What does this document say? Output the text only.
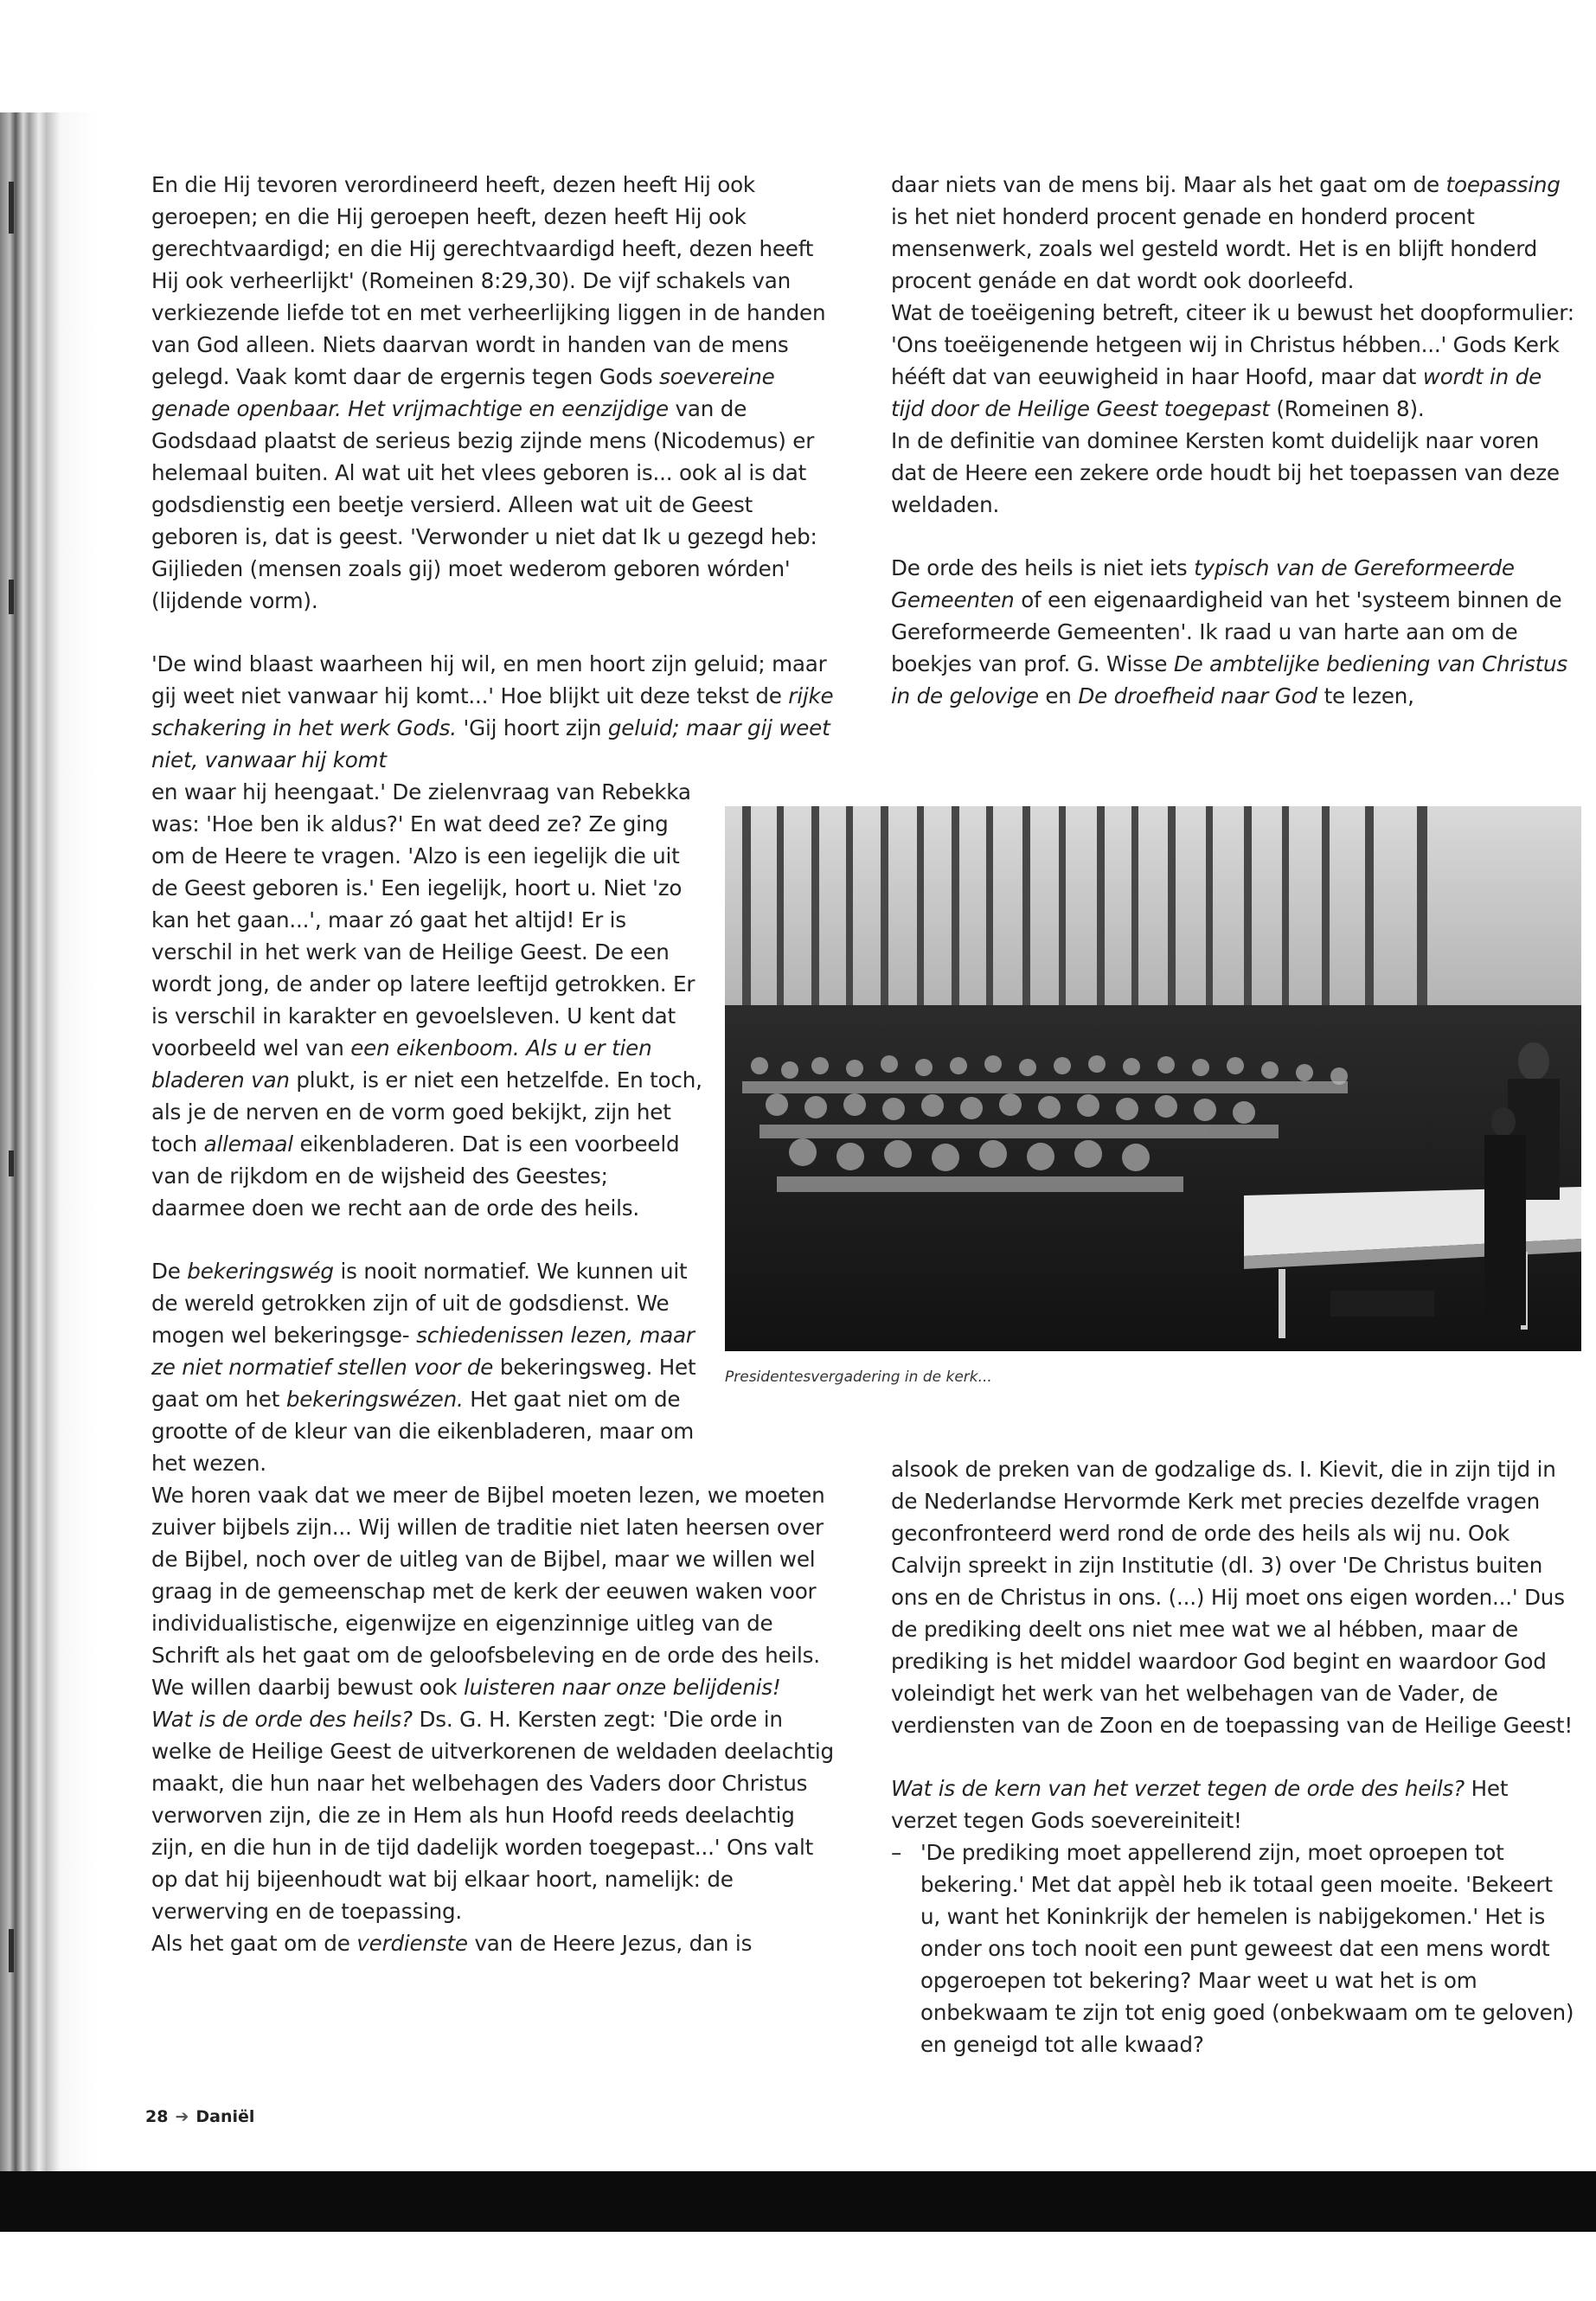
En die Hij tevoren verordineerd heeft, dezen heeft Hij ook geroepen; en die Hij geroepen heeft, dezen heeft Hij ook gerechtvaardigd; en die Hij gerechtvaardigd heeft, dezen heeft Hij ook verheerlijkt' (Romeinen 8:29,30). De vijf schakels van verkiezende liefde tot en met verheerlijking liggen in de handen van God alleen. Niets daarvan wordt in handen van de mens gelegd. Vaak komt daar de ergernis tegen Gods soevereine genade openbaar. Het vrijmachtige en eenzijdige van de Godsdaad plaatst de serieus bezig zijnde mens (Nicodemus) er helemaal buiten. Al wat uit het vlees geboren is... ook al is dat godsdienstig een beetje versierd. Alleen wat uit de Geest geboren is, dat is geest. 'Verwonder u niet dat Ik u gezegd heb: Gijlieden (mensen zoals gij) moet wederom geboren wórden' (lijdende vorm).

'De wind blaast waarheen hij wil, en men hoort zijn geluid; maar gij weet niet vanwaar hij komt...' Hoe blijkt uit deze tekst de rijke schakering in het werk Gods. 'Gij hoort zijn geluid; maar gij weet niet, vanwaar hij komt

en waar hij heengaat.' De zielenvraag van Rebekka was: 'Hoe ben ik aldus?' En wat deed ze? Ze ging om de Heere te vragen. 'Alzo is een iegelijk die uit de Geest geboren is.' Een iegelijk, hoort u. Niet 'zo kan het gaan...', maar zó gaat het altijd! Er is verschil in het werk van de Heilige Geest. De een wordt jong, de ander op latere leeftijd getrokken. Er is verschil in karakter en gevoelsleven. U kent dat voorbeeld wel van een eikenboom. Als u er tien bladeren van plukt, is er niet een hetzelfde. En toch, als je de nerven en de vorm goed bekijkt, zijn het toch allemaal eikenbladeren. Dat is een voorbeeld van de rijkdom en de wijsheid des Geestes; daarmee doen we recht aan de orde des heils.

De bekeringswég is nooit normatief. We kunnen uit de wereld getrokken zijn of uit de godsdienst. We mogen wel bekeringsge- schiedenissen lezen, maar ze niet normatief stellen voor de bekeringsweg. Het gaat om het bekeringswézen. Het gaat niet om de grootte of de kleur van die eikenbladeren, maar om het wezen.

We horen vaak dat we meer de Bijbel moeten lezen, we moeten zuiver bijbels zijn... Wij willen de traditie niet laten heersen over de Bijbel, noch over de uitleg van de Bijbel, maar we willen wel graag in de gemeenschap met de kerk der eeuwen waken voor individualistische, eigenwijze en eigenzinnige uitleg van de Schrift als het gaat om de geloofsbeleving en de orde des heils. We willen daarbij bewust ook luisteren naar onze belijdenis!

Wat is de orde des heils? Ds. G. H. Kersten zegt: 'Die orde in welke de Heilige Geest de uitverkorenen de weldaden deelachtig maakt, die hun naar het welbehagen des Vaders door Christus verworven zijn, die ze in Hem als hun Hoofd reeds deelachtig zijn, en die hun in de tijd dadelijk worden toegepast...' Ons valt op dat hij bijeenhoudt wat bij elkaar hoort, namelijk: de verwerving en de toepassing.

Als het gaat om de verdienste van de Heere Jezus, dan is

daar niets van de mens bij. Maar als het gaat om de toepassing is het niet honderd procent genade en honderd procent mensenwerk, zoals wel gesteld wordt. Het is en blijft honderd procent genáde en dat wordt ook doorleefd.

Wat de toeëigening betreft, citeer ik u bewust het doopformulier: 'Ons toeëigenende hetgeen wij in Christus hébben...' Gods Kerk hééft dat van eeuwigheid in haar Hoofd, maar dat wordt in de tijd door de Heilige Geest toegepast (Romeinen 8).

In de definitie van dominee Kersten komt duidelijk naar voren dat de Heere een zekere orde houdt bij het toepassen van deze weldaden.

De orde des heils is niet iets typisch van de Gereformeerde Gemeenten of een eigenaardigheid van het 'systeem binnen de Gereformeerde Gemeenten'. Ik raad u van harte aan om de boekjes van prof. G. Wisse De ambtelijke bediening van Christus in de gelovige en De droefheid naar God te lezen,

Presidentesvergadering in de kerk...

alsook de preken van de godzalige ds. I. Kievit, die in zijn tijd in de Nederlandse Hervormde Kerk met precies dezelfde vragen geconfronteerd werd rond de orde des heils als wij nu. Ook Calvijn spreekt in zijn Institutie (dl. 3) over 'De Christus buiten ons en de Christus in ons. (...) Hij moet ons eigen worden...' Dus de prediking deelt ons niet mee wat we al hébben, maar de prediking is het middel waardoor God begint en waardoor God voleindigt het werk van het welbehagen van de Vader, de verdiensten van de Zoon en de toepassing van de Heilige Geest!

Wat is de kern van het verzet tegen de orde des heils? Het verzet tegen Gods soevereiniteit!

– 'De prediking moet appellerend zijn, moet oproepen tot bekering.' Met dat appèl heb ik totaal geen moeite. 'Bekeert u, want het Koninkrijk der hemelen is nabijgekomen.' Het is onder ons toch nooit een punt geweest dat een mens wordt opgeroepen tot bekering? Maar weet u wat het is om onbekwaam te zijn tot enig goed (onbekwaam om te geloven) en geneigd tot alle kwaad?

28 ➔ Daniël
